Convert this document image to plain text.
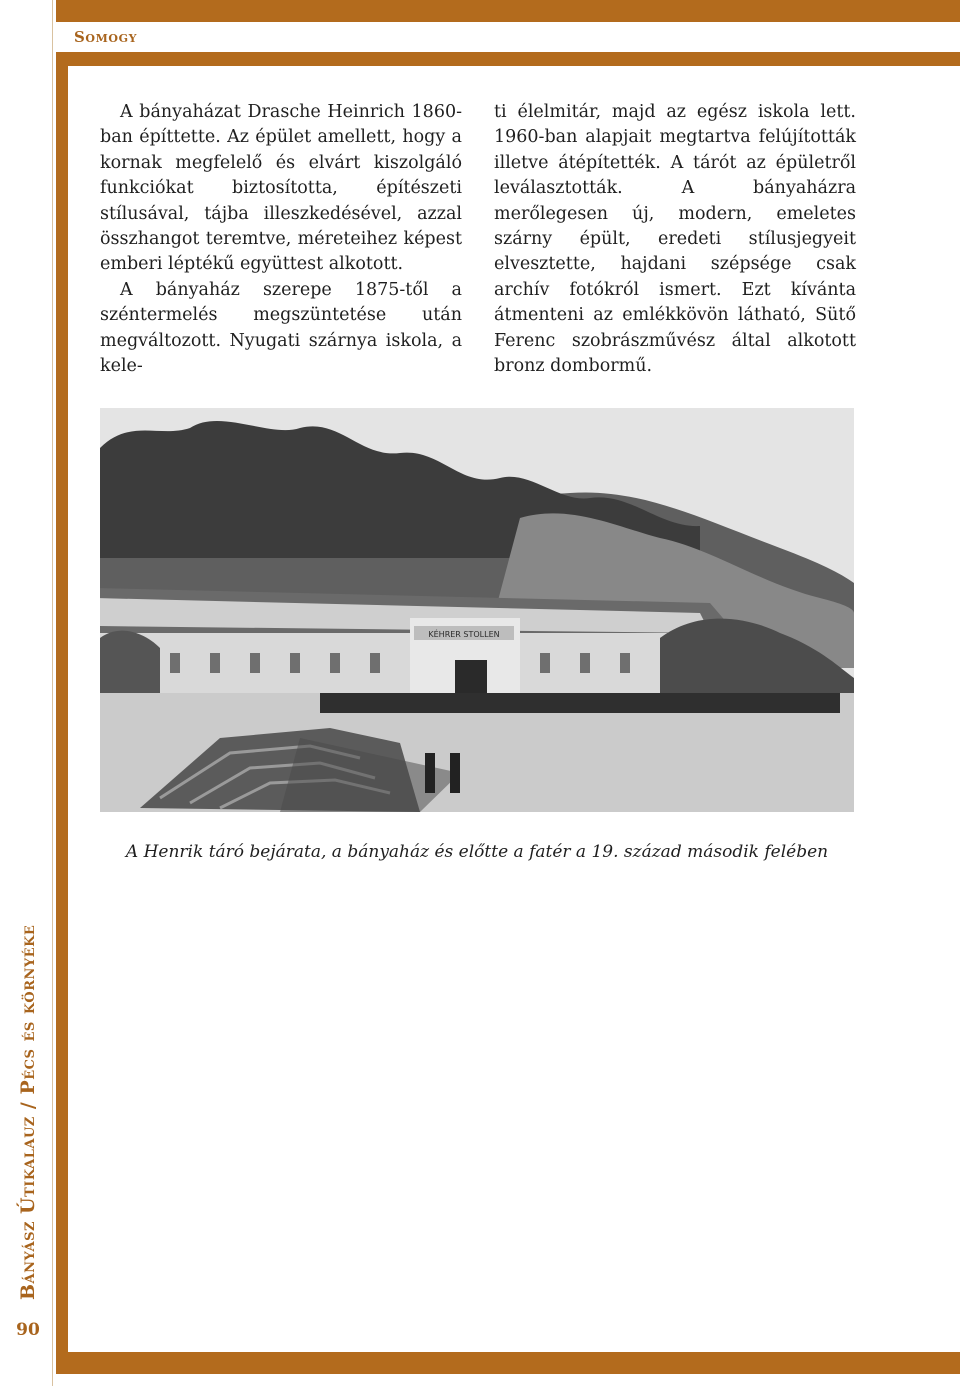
Bányász Útikalauz / Pécs és környéke
90
Somogy

A bányaházat Drasche Heinrich 1860-ban építtette. Az épület amellett, hogy a kornak megfelelő és elvárt kiszolgáló funkciókat biztosította, építészeti stílusával, tájba illeszkedésével, azzal összhangot teremtve, méreteihez képest emberi léptékű együttest alkotott.

A bányaház szerepe 1875-től a széntermelés megszüntetése után megváltozott. Nyugati szárnya iskola, a kele-

ti élelmitár, majd az egész iskola lett. 1960-ban alapjait megtartva felújították illetve átépítették. A tárót az épületről leválasztották. A bányaházra merőlegesen új, modern, emeletes szárny épült, eredeti stílusjegyeit elvesztette, hajdani szépsége csak archív fotókról ismert. Ezt kívánta átmenteni az emlékkövön látható, Sütő Ferenc szobrászművész által alkotott bronz dombormű.

KÉHRER STOLLEN
A Henrik táró bejárata, a bányaház és előtte a fatér a 19. század második felében
